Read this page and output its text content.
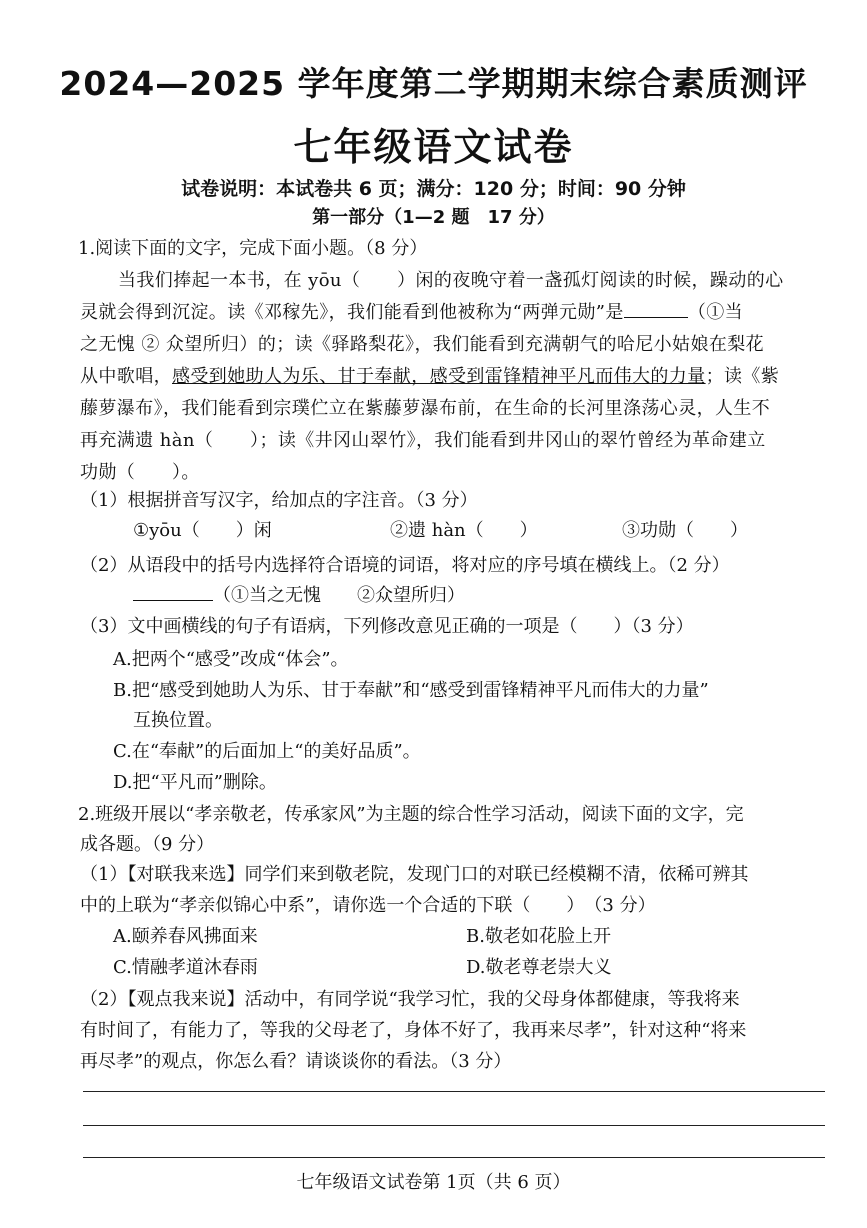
2024—2025 学年度第二学期期末综合素质测评
七年级语文试卷
试卷说明：本试卷共 6 页；满分：120 分；时间：90 分钟
第一部分（1—2 题　17 分）
1.阅读下面的文字，完成下面小题。（8 分）
当我们捧起一本书，在 yōu（　　）闲的夜晚守着一盏孤灯阅读的时候，躁动的心
灵就会得到沉淀。读《邓稼先》，我们能看到他被称为“两弹元勋”是	（①当
之无愧 ② 众望所归）的；读《驿路梨花》，我们能看到充满朝气的哈尼小姑娘在梨花
从中歌唱，感受到她助人为乐、甘于奉献，感受到雷锋精神平凡而伟大的力量；读《紫
藤萝瀑布》，我们能看到宗璞伫立在紫藤萝瀑布前，在生命的长河里涤荡心灵，人生不
再充满遗 hàn（　　）；读《井冈山翠竹》，我们能看到井冈山的翠竹曾经为革命建立
功勋（　　）。
（1）根据拼音写汉字，给加点的字注音。（3 分）
①yōu（　　）闲	②遗 hàn（　　）	③功勋（　　）
（2）从语段中的括号内选择符合语境的词语，将对应的序号填在横线上。（2 分）
（①当之无愧　　②众望所归）
（3）文中画横线的句子有语病，下列修改意见正确的一项是（　　）（3 分）
A.把两个“感受”改成“体会”。
B.把“感受到她助人为乐、甘于奉献”和“感受到雷锋精神平凡而伟大的力量”
互换位置。
C.在“奉献”的后面加上“的美好品质”。
D.把“平凡而”删除。
2.班级开展以“孝亲敬老，传承家风”为主题的综合性学习活动，阅读下面的文字，完
成各题。（9 分）
（1）【对联我来选】同学们来到敬老院，发现门口的对联已经模糊不清，依稀可辨其
中的上联为“孝亲似锦心中系”，请你选一个合适的下联（　　）　（3 分）
A.颐养春风拂面来	B.敬老如花脸上开
C.情融孝道沐春雨	D.敬老尊老崇大义
（2）【观点我来说】活动中，有同学说“我学习忙，我的父母身体都健康，等我将来
有时间了，有能力了，等我的父母老了，身体不好了，我再来尽孝”，针对这种“将来
再尽孝”的观点，你怎么看？请谈谈你的看法。（3 分）
七年级语文试卷第 1页（共 6 页）
